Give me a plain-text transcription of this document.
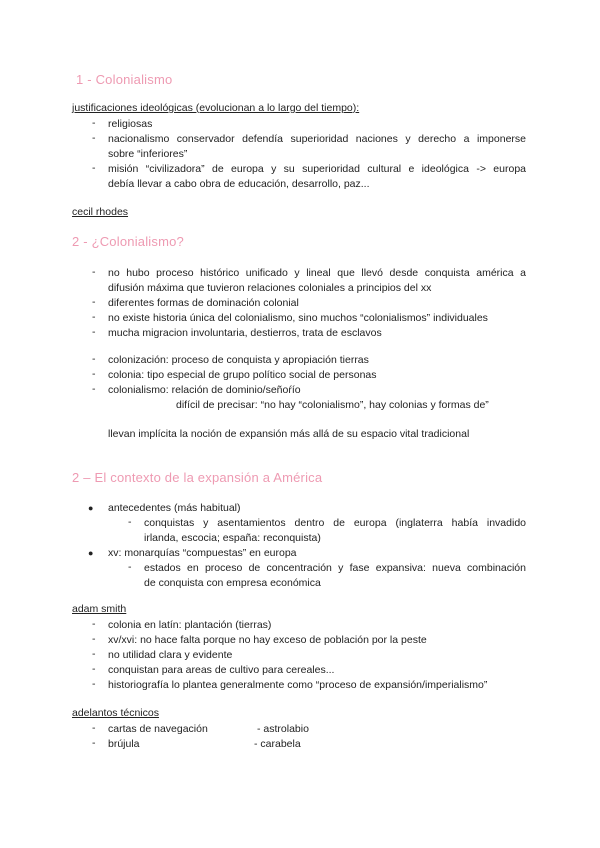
1 - Colonialismo
justificaciones ideológicas (evolucionan a lo largo del tiempo):
- religiosas
- nacionalismo conservador defendía superioridad naciones y derecho a imponerse
sobre “inferiores”
- misión “civilizadora” de europa y su superioridad cultural e ideológica -> europa
debía llevar a cabo obra de educación, desarrollo, paz...
cecil rhodes
2 - ¿Colonialismo?
- no hubo proceso histórico unificado y lineal que llevó desde conquista américa a
difusión máxima que tuvieron relaciones coloniales a principios del xx
- diferentes formas de dominación colonial
- no existe historia única del colonialismo, sino muchos “colonialismos” individuales
- mucha migracion involuntaria, destierros, trata de esclavos
- colonización: proceso de conquista y apropiación tierras
- colonia: tipo especial de grupo político social de personas
- colonialismo: relación de dominio/señoŕío
difícil de precisar: “no hay “colonialismo”, hay colonias y formas de”
llevan implícita la noción de expansión más allá de su espacio vital tradicional
2 – El contexto de la expansión a América
● antecedentes (más habitual)
- conquistas y asentamientos dentro de europa (inglaterra había invadido
irlanda, escocia; españa: reconquista)
● xv: monarquías “compuestas” en europa
- estados en proceso de concentración y fase expansiva: nueva combinación
de conquista con empresa económica
adam smith
- colonia en latín: plantación (tierras)
- xv/xvi: no hace falta porque no hay exceso de población por la peste
- no utilidad clara y evidente
- conquistan para areas de cultivo para cereales...
- historiografía lo plantea generalmente como “proceso de expansión/imperialismo”
adelantos técnicos
- cartas de navegación	- astrolabio
- brújula	- carabela
